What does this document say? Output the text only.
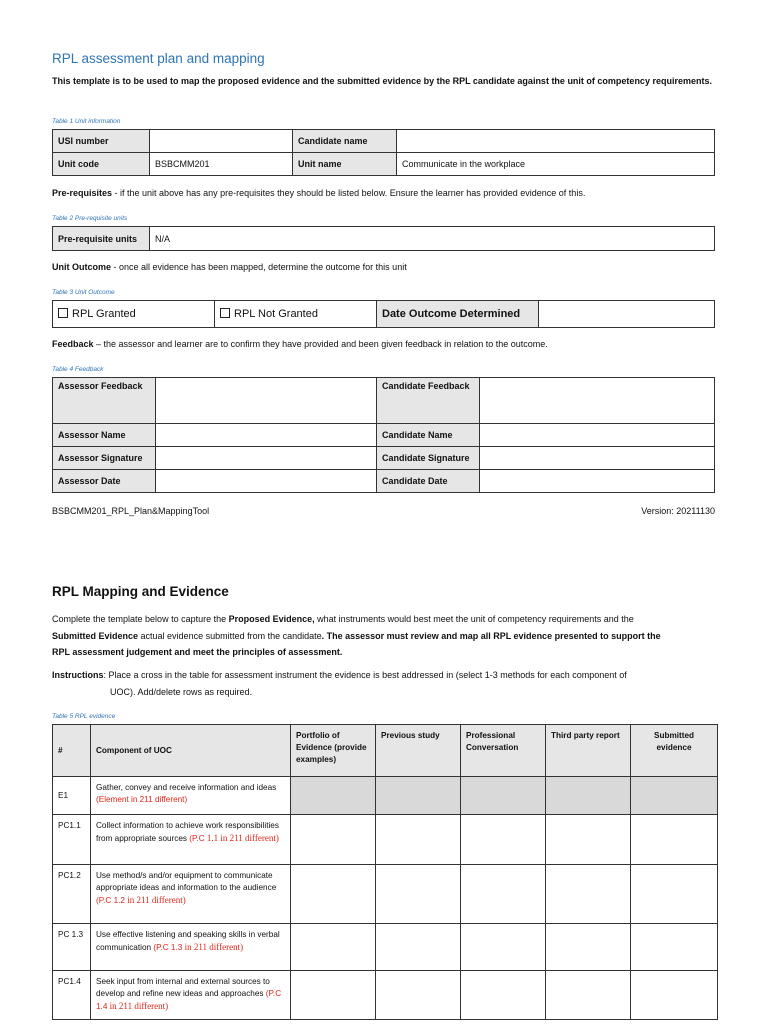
RPL assessment plan and mapping
This template is to be used to map the proposed evidence and the submitted evidence by the RPL candidate against the unit of competency requirements.
Table 1 Unit information
USI number		Candidate name	
Unit code	BSBCMM201	Unit name	Communicate in the workplace
Pre-requisites - if the unit above has any pre-requisites they should be listed below. Ensure the learner has provided evidence of this.
Table 2 Pre-requisite units
Pre-requisite units	N/A
Unit Outcome - once all evidence has been mapped, determine the outcome for this unit
Table 3 Unit Outcome
RPL Granted	RPL Not Granted	Date Outcome Determined	
Feedback – the assessor and learner are to confirm they have provided and been given feedback in relation to the outcome.
Table 4 Feedback
Assessor Feedback		Candidate Feedback	
Assessor Name		Candidate Name	
Assessor Signature		Candidate Signature	
Assessor Date		Candidate Date	
BSBCMM201_RPL_Plan&MappingTool	Version: 20211130
RPL Mapping and Evidence
Complete the template below to capture the Proposed Evidence, what instruments would best meet the unit of competency requirements and the
Submitted Evidence actual evidence submitted from the candidate. The assessor must review and map all RPL evidence presented to support the
RPL assessment judgement and meet the principles of assessment.
Instructions: Place a cross in the table for assessment instrument the evidence is best addressed in (select 1-3 methods for each component of
UOC). Add/delete rows as required.
Table 5 RPL evidence
#	Component of UOC	Portfolio of Evidence (provide examples)	Previous study	Professional Conversation	Third party report	Submitted evidence
E1	Gather, convey and receive information and ideas (Element in 211 different)					
PC1.1	Collect information to achieve work responsibilities from appropriate sources (P.C 1.1 in 211 different)					
PC1.2	Use method/s and/or equipment to communicate appropriate ideas and information to the audience (P.C 1.2 in 211 different)					
PC 1.3	Use effective listening and speaking skills in verbal communication (P.C 1.3 in 211 different)					
PC1.4	Seek input from internal and external sources to develop and refine new ideas and approaches (P.C 1.4 in 211 different)					
